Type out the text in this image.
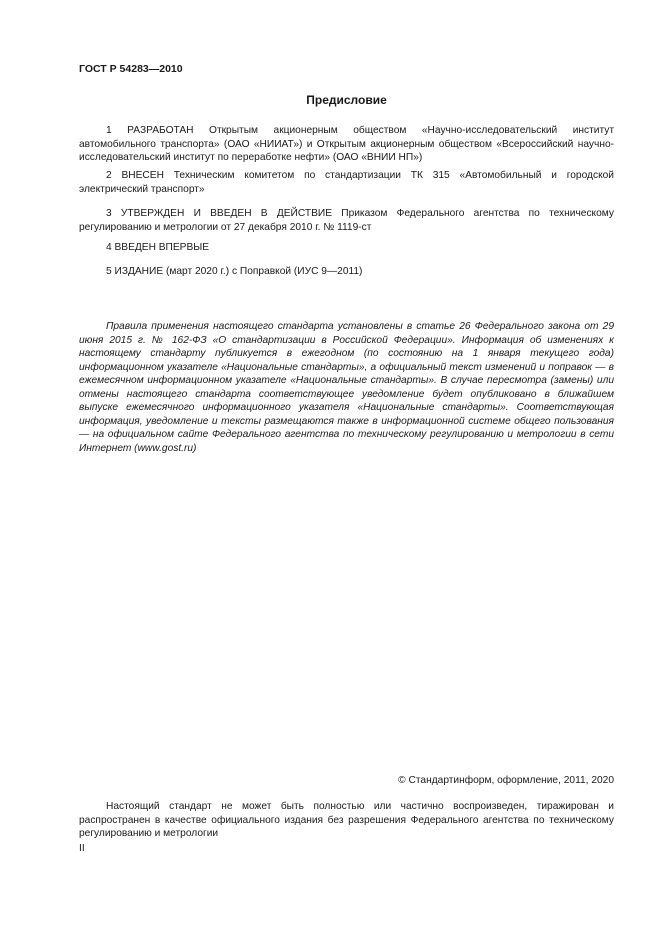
ГОСТ Р 54283—2010
Предисловие

1 РАЗРАБОТАН Открытым акционерным обществом «Научно-исследовательский институт автомобильного транспорта» (ОАО «НИИАТ») и Открытым акционерным обществом «Всероссийский научно-исследовательский институт по переработке нефти» (ОАО «ВНИИ НП»)

2 ВНЕСЕН Техническим комитетом по стандартизации ТК 315 «Автомобильный и городской электрический транспорт»

3 УТВЕРЖДЕН И ВВЕДЕН В ДЕЙСТВИЕ Приказом Федерального агентства по техническому регулированию и метрологии от 27 декабря 2010 г. № 1119-ст

4 ВВЕДЕН ВПЕРВЫЕ

5 ИЗДАНИЕ (март 2020 г.) с Поправкой (ИУС 9—2011)

Правила применения настоящего стандарта установлены в статье 26 Федерального закона от 29 июня 2015 г. № 162-ФЗ «О стандартизации в Российской Федерации». Информация об изменениях к настоящему стандарту публикуется в ежегодном (по состоянию на 1 января текущего года) информационном указателе «Национальные стандарты», а официальный текст изменений и поправок — в ежемесячном информационном указателе «Национальные стандарты». В случае пересмотра (замены) или отмены настоящего стандарта соответствующее уведомление будет опубликовано в ближайшем выпуске ежемесячного информационного указателя «Национальные стандарты». Соответствующая информация, уведомление и тексты размещаются также в информационной системе общего пользования — на официальном сайте Федерального агентства по техническому регулированию и метрологии в сети Интернет (www.gost.ru)

© Стандартинформ, оформление, 2011, 2020

Настоящий стандарт не может быть полностью или частично воспроизведен, тиражирован и распространен в качестве официального издания без разрешения Федерального агентства по техническому регулированию и метрологии

II
